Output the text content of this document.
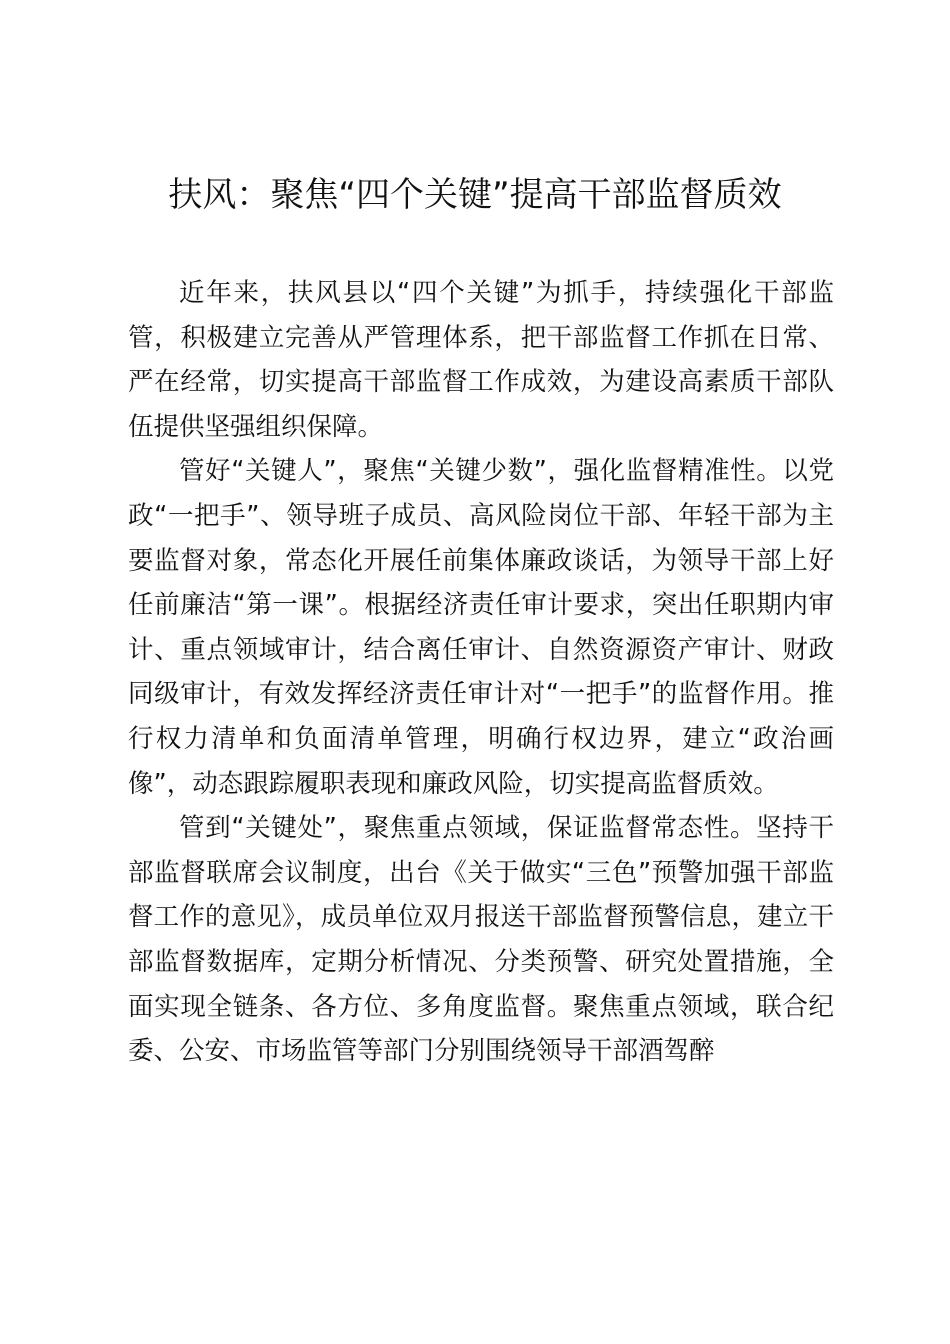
扶风：聚焦“四个关键”提高干部监督质效

近年来，扶风县以“四个关键”为抓手，持续强化干部监管，积极建立完善从严管理体系，把干部监督工作抓在日常、严在经常，切实提高干部监督工作成效，为建设高素质干部队伍提供坚强组织保障。

管好“关键人”，聚焦“关键少数”，强化监督精准性。以党政“一把手”、领导班子成员、高风险岗位干部、年轻干部为主要监督对象，常态化开展任前集体廉政谈话，为领导干部上好任前廉洁“第一课”。根据经济责任审计要求，突出任职期内审计、重点领域审计，结合离任审计、自然资源资产审计、财政同级审计，有效发挥经济责任审计对“一把手”的监督作用。推行权力清单和负面清单管理，明确行权边界，建立“政治画像”，动态跟踪履职表现和廉政风险，切实提高监督质效。

管到“关键处”，聚焦重点领域，保证监督常态性。坚持干部监督联席会议制度，出台《关于做实“三色”预警加强干部监督工作的意见》，成员单位双月报送干部监督预警信息，建立干部监督数据库，定期分析情况、分类预警、研究处置措施，全面实现全链条、各方位、多角度监督。聚焦重点领域，联合纪委、公安、市场监管等部门分别围绕领导干部酒驾醉
